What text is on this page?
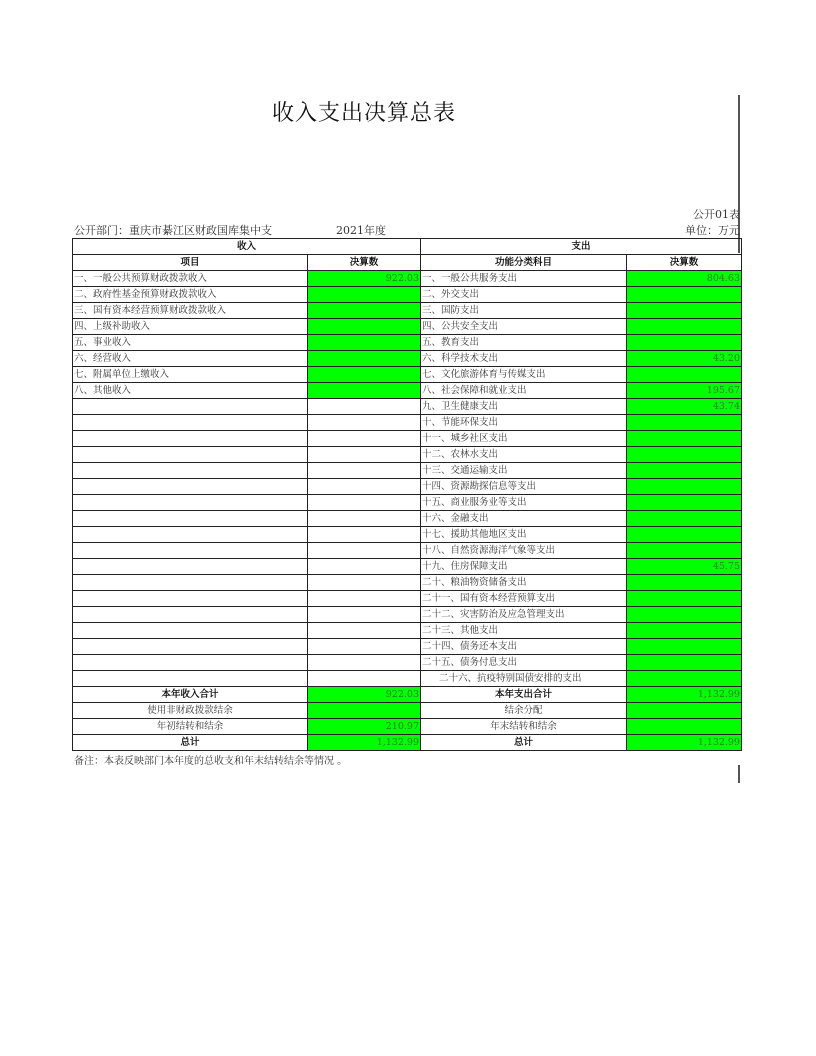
收入支出决算总表
公开01表
公开部门：重庆市綦江区财政国库集中支	2021年度	单位：万元
收入		支出	
项目	决算数	功能分类科目	决算数
一、一般公共预算财政拨款收入	922.03	一、一般公共服务支出	804.63
二、政府性基金预算财政拨款收入		二、外交支出	
三、国有资本经营预算财政拨款收入		三、国防支出	
四、上级补助收入		四、公共安全支出	
五、事业收入		五、教育支出	
六、经营收入		六、科学技术支出	43.20
七、附属单位上缴收入		七、文化旅游体育与传媒支出	
八、其他收入		八、社会保障和就业支出	195.67
		九、卫生健康支出	43.74
		十、节能环保支出	
		十一、城乡社区支出	
		十二、农林水支出	
		十三、交通运输支出	
		十四、资源勘探信息等支出	
		十五、商业服务业等支出	
		十六、金融支出	
		十七、援助其他地区支出	
		十八、自然资源海洋气象等支出	
		十九、住房保障支出	45.75
		二十、粮油物资储备支出	
		二十一、国有资本经营预算支出	
		二十二、灾害防治及应急管理支出	
		二十三、其他支出	
		二十四、债务还本支出	
		二十五、债务付息支出	
		二十六、抗疫特别国债安排的支出	
本年收入合计	922.03	本年支出合计	1,132.99
使用非财政拨款结余		结余分配	
年初结转和结余	210.97	年末结转和结余	
总计	1,132.99	总计	1,132.99
备注：本表反映部门本年度的总收支和年末结转结余等情况 。
